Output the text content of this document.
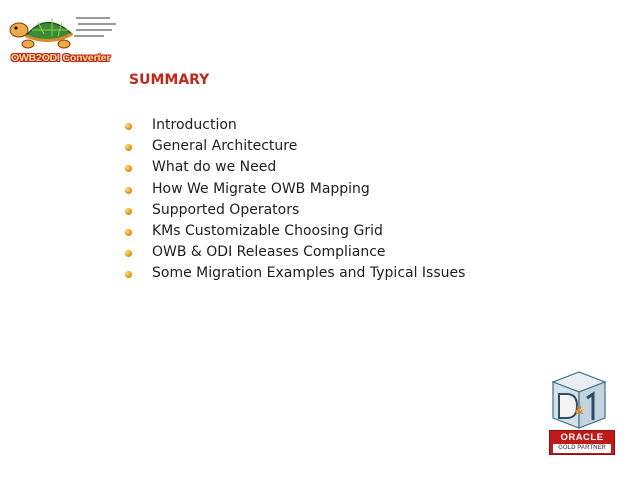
OWB2ODI Converter
SUMMARY
Introduction
General Architecture
What do we Need
How We Migrate OWB Mapping
Supported Operators
KMs Customizable Choosing Grid
OWB & ODI Releases Compliance
Some Migration Examples and Typical Issues
&
ORACLE
GOLD PARTNER
